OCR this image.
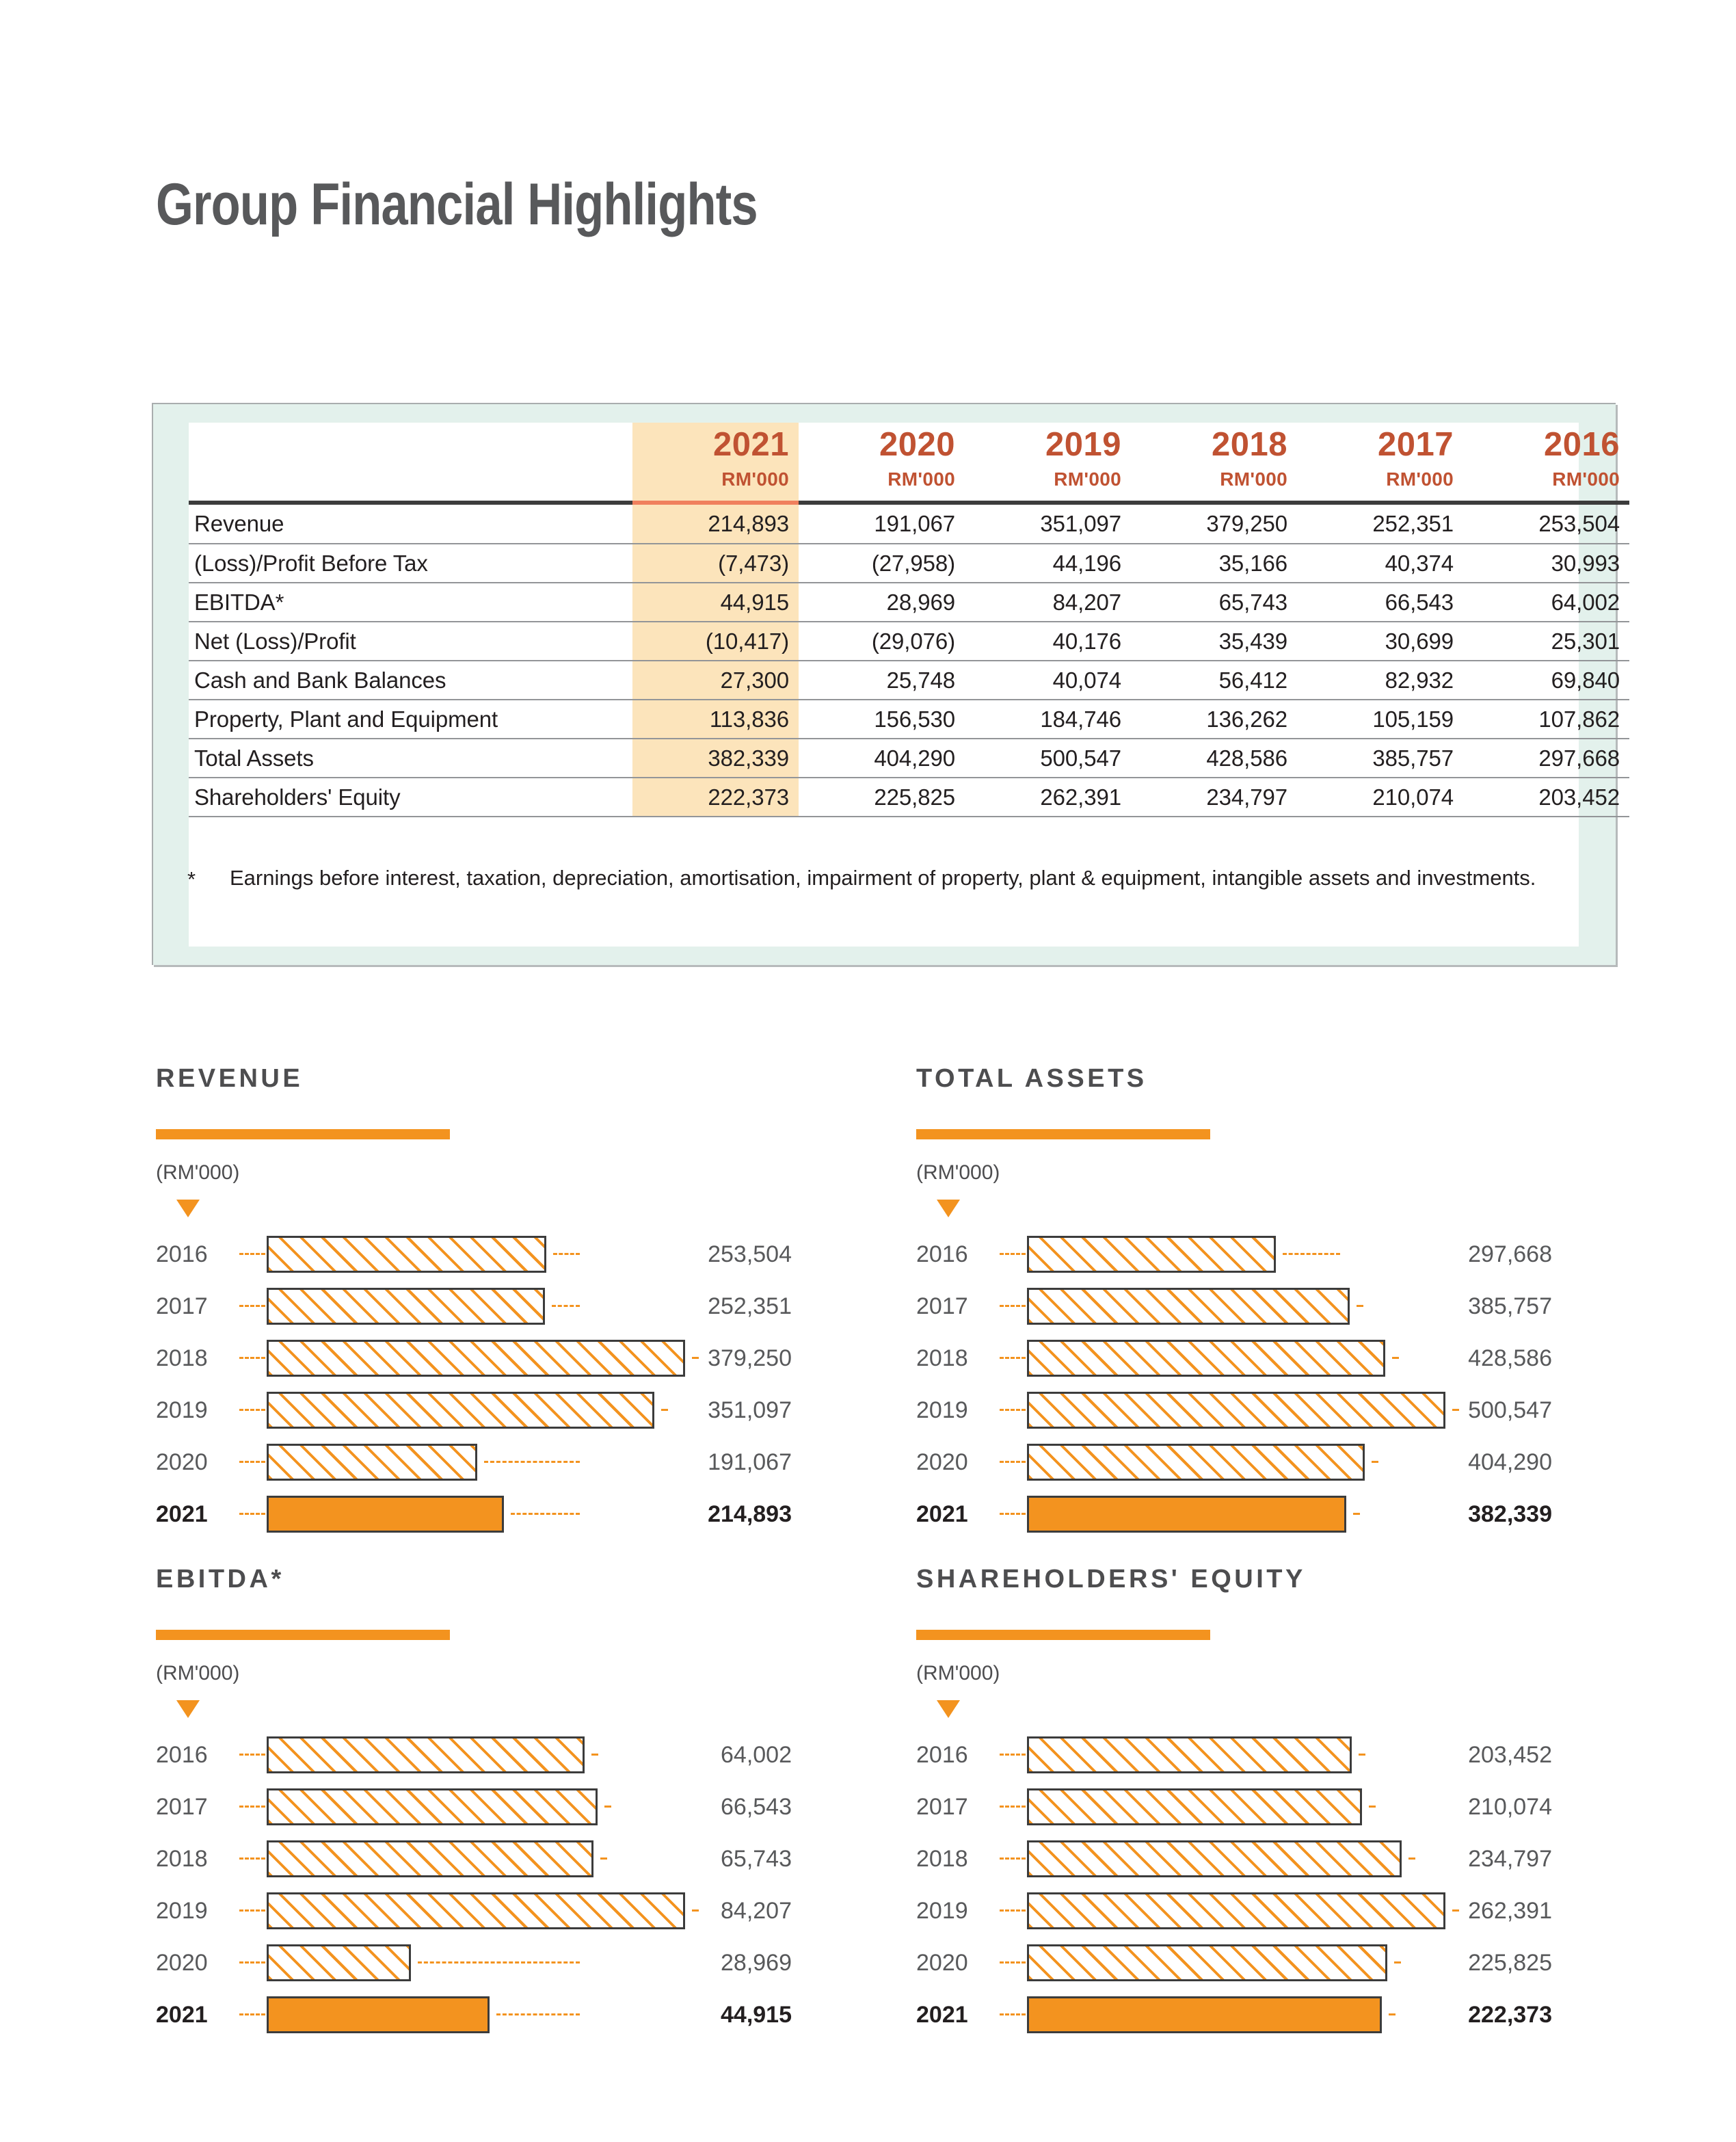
Group Financial Highlights
	2021	2020	2019	2018	2017	2016
	RM'000	RM'000	RM'000	RM'000	RM'000	RM'000

Revenue	214,893	191,067	351,097	379,250	252,351	253,504
(Loss)/Profit Before Tax	(7,473)	(27,958)	44,196	35,166	40,374	30,993
EBITDA*	44,915	28,969	84,207	65,743	66,543	64,002
Net (Loss)/Profit	(10,417)	(29,076)	40,176	35,439	30,699	25,301
Cash and Bank Balances	27,300	25,748	40,074	56,412	82,932	69,840
Property, Plant and Equipment	113,836	156,530	184,746	136,262	105,159	107,862
Total Assets	382,339	404,290	500,547	428,586	385,757	297,668
Shareholders' Equity	222,373	225,825	262,391	234,797	210,074	203,452

*	Earnings before interest, taxation, depreciation, amortisation, impairment of property, plant & equipment, intangible assets and investments.
REVENUE
(RM'000)
2016	253,504
2017	252,351
2018	379,250
2019	351,097
2020	191,067
2021	214,893
TOTAL ASSETS
(RM'000)
2016	297,668
2017	385,757
2018	428,586
2019	500,547
2020	404,290
2021	382,339
EBITDA*
(RM'000)
2016	64,002
2017	66,543
2018	65,743
2019	84,207
2020	28,969
2021	44,915
SHAREHOLDERS' EQUITY
(RM'000)
2016	203,452
2017	210,074
2018	234,797
2019	262,391
2020	225,825
2021	222,373
